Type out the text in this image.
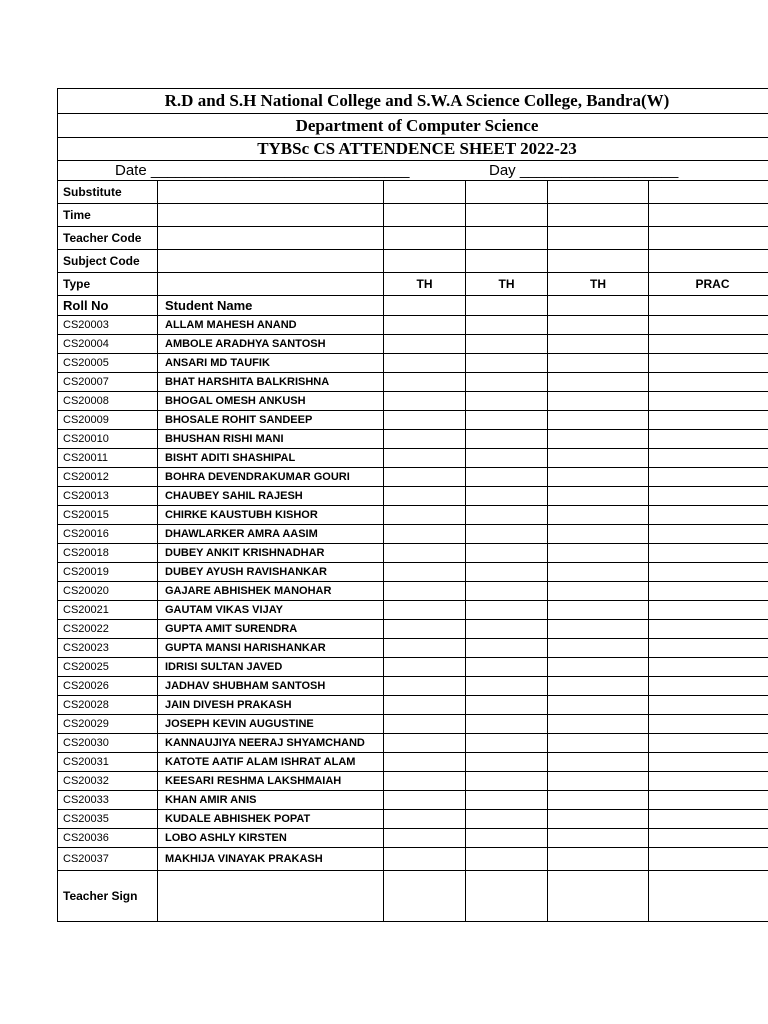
R.D and S.H National College and S.W.A Science College, Bandra(W)					
Department of Computer Science					
TYBSc CS ATTENDENCE SHEET 2022-23					

Date _______________________________ Day ___________________					

Substitute					
Time					
Teacher Code					
Subject Code					
Type		TH	TH	TH	PRAC
Roll No	Student Name				
CS20003	ALLAM MAHESH ANAND				
CS20004	AMBOLE ARADHYA SANTOSH				
CS20005	ANSARI MD TAUFIK				
CS20007	BHAT HARSHITA BALKRISHNA				
CS20008	BHOGAL OMESH ANKUSH				
CS20009	BHOSALE ROHIT SANDEEP				
CS20010	BHUSHAN RISHI MANI				
CS20011	BISHT ADITI SHASHIPAL				
CS20012	BOHRA DEVENDRAKUMAR GOURI				
CS20013	CHAUBEY SAHIL RAJESH				
CS20015	CHIRKE KAUSTUBH KISHOR				
CS20016	DHAWLARKER AMRA AASIM				
CS20018	DUBEY ANKIT KRISHNADHAR				
CS20019	DUBEY AYUSH RAVISHANKAR				
CS20020	GAJARE ABHISHEK MANOHAR				
CS20021	GAUTAM VIKAS VIJAY				
CS20022	GUPTA AMIT SURENDRA				
CS20023	GUPTA MANSI HARISHANKAR				
CS20025	IDRISI SULTAN JAVED				
CS20026	JADHAV SHUBHAM SANTOSH				
CS20028	JAIN DIVESH PRAKASH				
CS20029	JOSEPH KEVIN AUGUSTINE				
CS20030	KANNAUJIYA NEERAJ SHYAMCHAND				
CS20031	KATOTE AATIF ALAM ISHRAT ALAM				
CS20032	KEESARI RESHMA LAKSHMAIAH				
CS20033	KHAN AMIR ANIS				
CS20035	KUDALE ABHISHEK POPAT				
CS20036	LOBO ASHLY KIRSTEN				
CS20037	MAKHIJA VINAYAK PRAKASH				
Teacher Sign					
